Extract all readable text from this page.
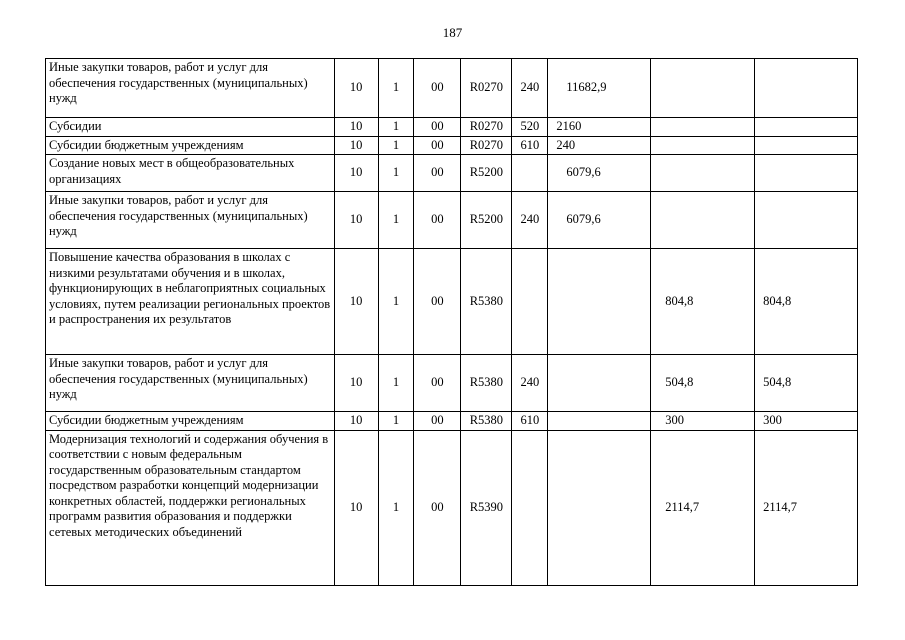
187
Иные закупки товаров, работ и услуг для обеспечения государственных (муниципальных) нужд	10	1	00	R0270	240	11682,9		
Субсидии	10	1	00	R0270	520	2160		
Субсидии бюджетным учреждениям	10	1	00	R0270	610	240		
Создание новых мест в общеобразовательных организациях	10	1	00	R5200		6079,6		
Иные закупки товаров, работ и услуг для обеспечения государственных (муниципальных) нужд	10	1	00	R5200	240	6079,6		
Повышение качества образования в школах с низкими результатами обучения и в школах, функционирующих в неблагоприятных социальных условиях, путем реализации региональных проектов и распространения их результатов	10	1	00	R5380			804,8	804,8
Иные закупки товаров, работ и услуг для обеспечения государственных (муниципальных) нужд	10	1	00	R5380	240		504,8	504,8
Субсидии бюджетным учреждениям	10	1	00	R5380	610		300	300
Модернизация технологий и содержания обучения в соответствии с новым федеральным государственным образовательным стандартом посредством разработки концепций модернизации конкретных областей, поддержки региональных программ развития образования и поддержки сетевых методических объединений	10	1	00	R5390			2114,7	2114,7
